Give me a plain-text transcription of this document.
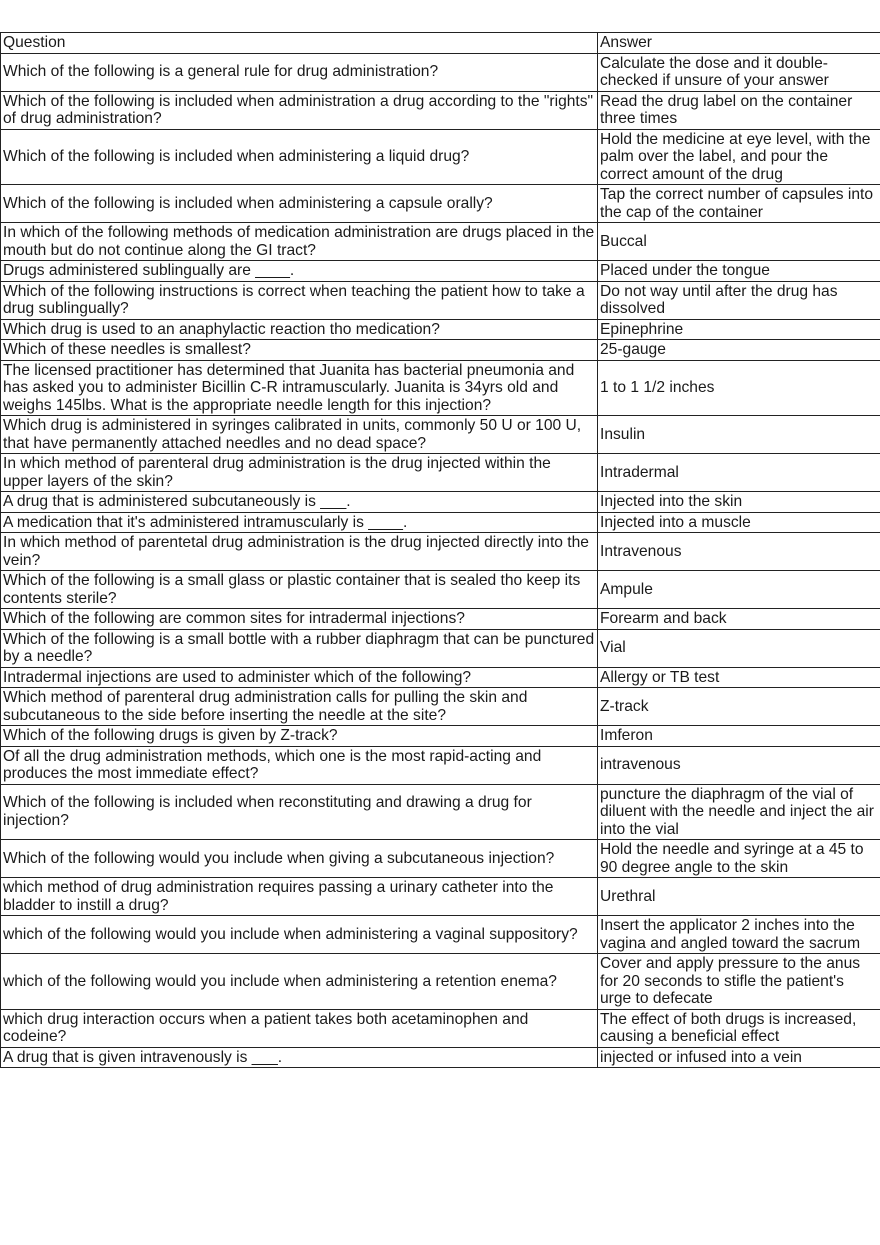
Question	Answer
Which of the following is a general rule for drug administration?	Calculate the dose and it double-checked if unsure of your answer
Which of the following is included when administration a drug according to the "rights" of drug administration?	Read the drug label on the container three times
Which of the following is included when administering a liquid drug?	Hold the medicine at eye level, with the palm over the label, and pour the correct amount of the drug
Which of the following is included when administering a capsule orally?	Tap the correct number of capsules into the cap of the container
In which of the following methods of medication administration are drugs placed in the mouth but do not continue along the GI tract?	Buccal
Drugs administered sublingually are ____.	Placed under the tongue
Which of the following instructions is correct when teaching the patient how to take a drug sublingually?	Do not way until after the drug has dissolved
Which drug is used to an anaphylactic reaction tho medication?	Epinephrine
Which of these needles is smallest?	25-gauge
The licensed practitioner has determined that Juanita has bacterial pneumonia and has asked you to administer Bicillin C-R intramuscularly. Juanita is 34yrs old and weighs 145lbs. What is the appropriate needle length for this injection?	1 to 1 1/2 inches
Which drug is administered in syringes calibrated in units, commonly 50 U or 100 U, that have permanently attached needles and no dead space?	Insulin
In which method of parenteral drug administration is the drug injected within the upper layers of the skin?	Intradermal
A drug that is administered subcutaneously is ___.	Injected into the skin
A medication that it's administered intramuscularly is ____.	Injected into a muscle
In which method of parentetal drug administration is the drug injected directly into the vein?	Intravenous
Which of the following is a small glass or plastic container that is sealed tho keep its contents sterile?	Ampule
Which of the following are common sites for intradermal injections?	Forearm and back
Which of the following is a small bottle with a rubber diaphragm that can be punctured by a needle?	Vial
Intradermal injections are used to administer which of the following?	Allergy or TB test
Which method of parenteral drug administration calls for pulling the skin and subcutaneous to the side before inserting the needle at the site?	Z-track
Which of the following drugs is given by Z-track?	Imferon
Of all the drug administration methods, which one is the most rapid-acting and produces the most immediate effect?	intravenous
Which of the following is included when reconstituting and drawing a drug for injection?	puncture the diaphragm of the vial of diluent with the needle and inject the air into the vial
Which of the following would you include when giving a subcutaneous injection?	Hold the needle and syringe at a 45 to 90 degree angle to the skin
which method of drug administration requires passing a urinary catheter into the bladder to instill a drug?	Urethral
which of the following would you include when administering a vaginal suppository?	Insert the applicator 2 inches into the vagina and angled toward the sacrum
which of the following would you include when administering a retention enema?	Cover and apply pressure to the anus for 20 seconds to stifle the patient's urge to defecate
which drug interaction occurs when a patient takes both acetaminophen and codeine?	The effect of both drugs is increased, causing a beneficial effect
A drug that is given intravenously is ___.	injected or infused into a vein
